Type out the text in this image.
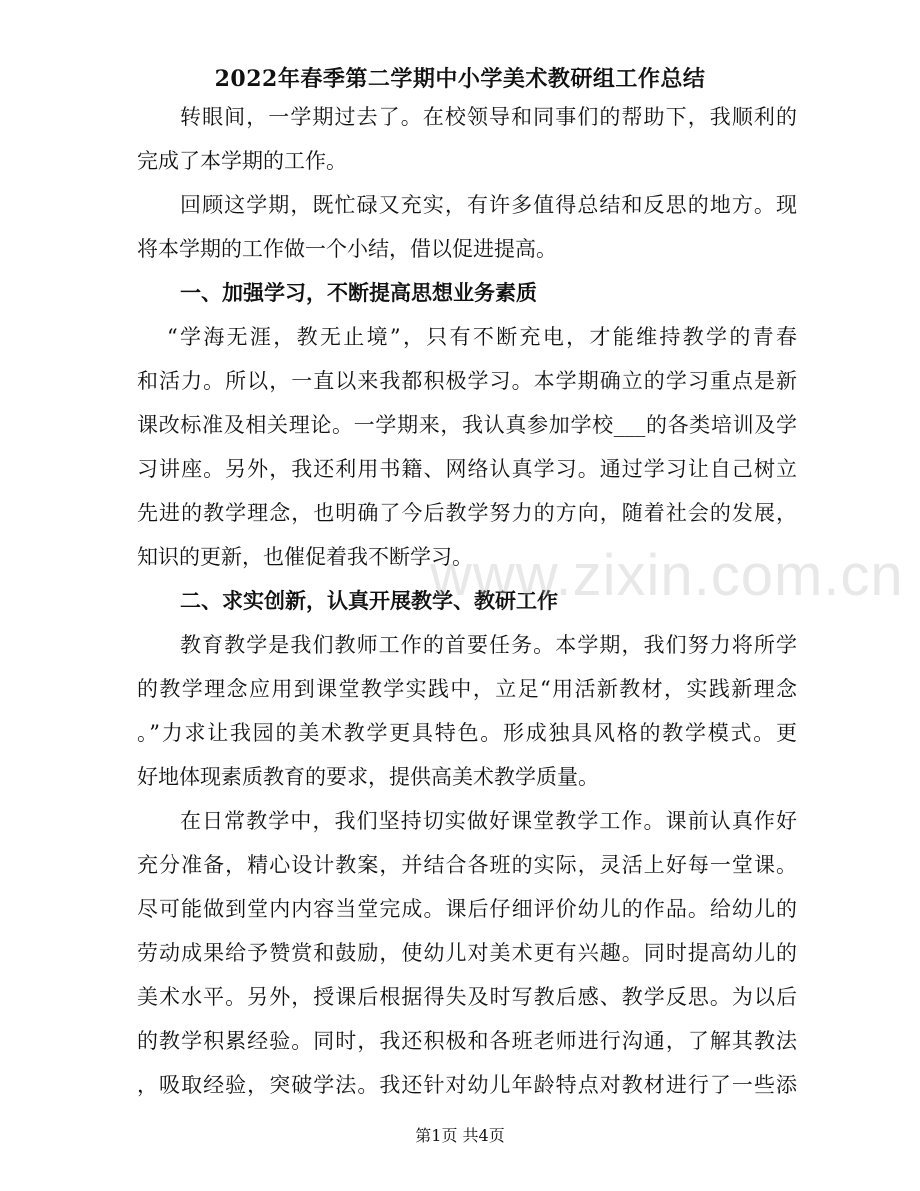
2022年春季第二学期中小学美术教研组工作总结
转眼间，一学期过去了。在校领导和同事们的帮助下，我顺利的
完成了本学期的工作。
回顾这学期，既忙碌又充实，有许多值得总结和反思的地方。现
将本学期的工作做一个小结，借以促进提高。
一、加强学习，不断提高思想业务素质
“学海无涯，教无止境”，只有不断充电，才能维持教学的青春
和活力。所以，一直以来我都积极学习。本学期确立的学习重点是新
课改标准及相关理论。一学期来，我认真参加学校___的各类培训及学
习讲座。另外，我还利用书籍、网络认真学习。通过学习让自己树立
先进的教学理念，也明确了今后教学努力的方向，随着社会的发展，
知识的更新，也催促着我不断学习。
二、求实创新，认真开展教学、教研工作
教育教学是我们教师工作的首要任务。本学期，我们努力将所学
的教学理念应用到课堂教学实践中，立足“用活新教材，实践新理念
。”力求让我园的美术教学更具特色。形成独具风格的教学模式。更
好地体现素质教育的要求，提供高美术教学质量。
在日常教学中，我们坚持切实做好课堂教学工作。课前认真作好
充分准备，精心设计教案，并结合各班的实际，灵活上好每一堂课。
尽可能做到堂内内容当堂完成。课后仔细评价幼儿的作品。给幼儿的
劳动成果给予赞赏和鼓励，使幼儿对美术更有兴趣。同时提高幼儿的
美术水平。另外，授课后根据得失及时写教后感、教学反思。为以后
的教学积累经验。同时，我还积极和各班老师进行沟通，了解其教法
www.zixin.com.cn
第1页 共4页
，吸取经验，突破学法。我还针对幼儿年龄特点对教材进行了一些添
